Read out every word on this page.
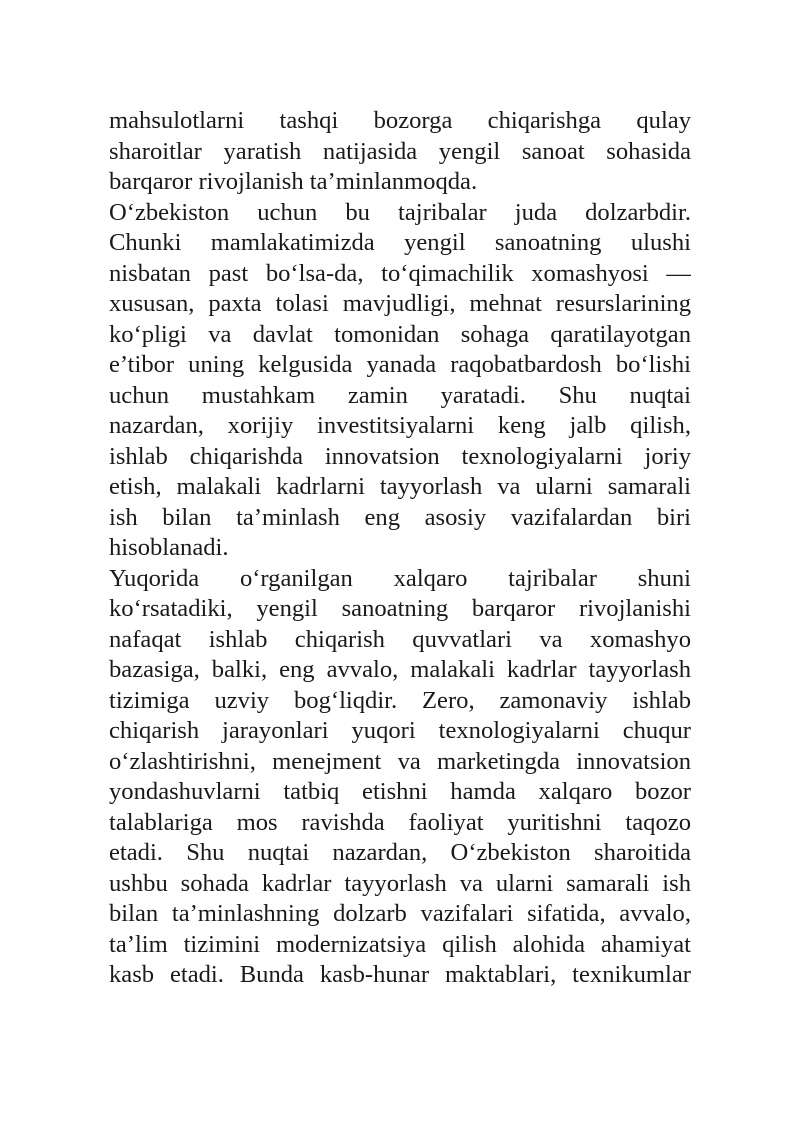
mahsulotlarni tashqi bozorga chiqarishga qulay
sharoitlar yaratish natijasida yengil sanoat sohasida
barqaror rivojlanish ta’minlanmoqda.
O‘zbekiston uchun bu tajribalar juda dolzarbdir.
Chunki mamlakatimizda yengil sanoatning ulushi
nisbatan past bo‘lsa-da, to‘qimachilik xomashyosi —
xususan, paxta tolasi mavjudligi, mehnat resurslarining
ko‘pligi va davlat tomonidan sohaga qaratilayotgan
e’tibor uning kelgusida yanada raqobatbardosh bo‘lishi
uchun mustahkam zamin yaratadi. Shu nuqtai
nazardan, xorijiy investitsiyalarni keng jalb qilish,
ishlab chiqarishda innovatsion texnologiyalarni joriy
etish, malakali kadrlarni tayyorlash va ularni samarali
ish bilan ta’minlash eng asosiy vazifalardan biri
hisoblanadi.
Yuqorida o‘rganilgan xalqaro tajribalar shuni
ko‘rsatadiki, yengil sanoatning barqaror rivojlanishi
nafaqat ishlab chiqarish quvvatlari va xomashyo
bazasiga, balki, eng avvalo, malakali kadrlar tayyorlash
tizimiga uzviy bog‘liqdir. Zero, zamonaviy ishlab
chiqarish jarayonlari yuqori texnologiyalarni chuqur
o‘zlashtirishni, menejment va marketingda innovatsion
yondashuvlarni tatbiq etishni hamda xalqaro bozor
talablariga mos ravishda faoliyat yuritishni taqozo
etadi. Shu nuqtai nazardan, O‘zbekiston sharoitida
ushbu sohada kadrlar tayyorlash va ularni samarali ish
bilan ta’minlashning dolzarb vazifalari sifatida, avvalo,
ta’lim tizimini modernizatsiya qilish alohida ahamiyat
kasb etadi. Bunda kasb-hunar maktablari, texnikumlar
